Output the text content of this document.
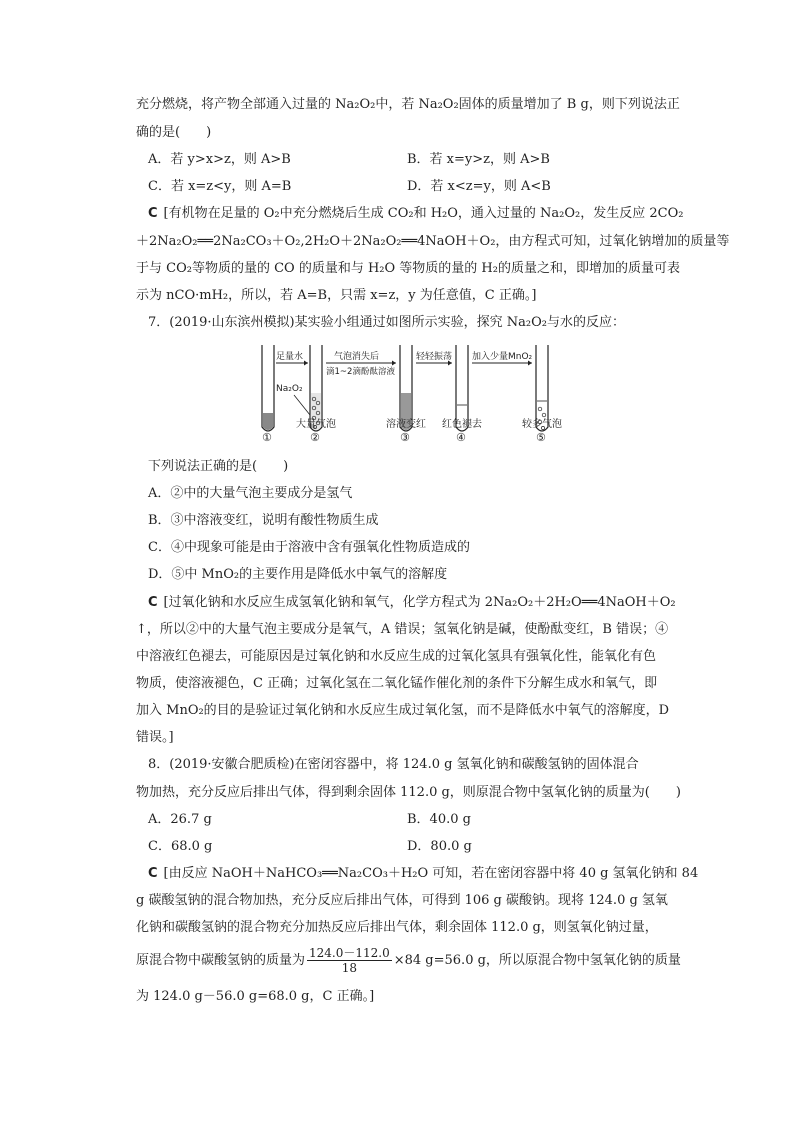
充分燃烧，将产物全部通入过量的 Na₂O₂中，若 Na₂O₂固体的质量增加了 B g，则下列说法正
确的是(　　)
A．若 y>x>z，则 A>B	B．若 x=y>z，则 A>B
C．若 x=z<y，则 A=B	D．若 x<z=y，则 A<B
C [有机物在足量的 O₂中充分燃烧后生成 CO₂和 H₂O，通入过量的 Na₂O₂，发生反应 2CO₂
＋2Na₂O₂══2Na₂CO₃＋O₂,2H₂O＋2Na₂O₂══4NaOH＋O₂，由方程式可知，过氧化钠增加的质量等
于与 CO₂等物质的量的 CO 的质量和与 H₂O 等物质的量的 H₂的质量之和，即增加的质量可表
示为 nCO·mH₂，所以，若 A=B，只需 x=z，y 为任意值，C 正确。]
7．(2019·山东滨州模拟)某实验小组通过如图所示实验，探究 Na₂O₂与水的反应：
足量水
Na₂O₂
气泡消失后
滴1~2滴酚酞溶液
轻轻振荡 加入少量MnO₂
大量气泡	溶液变红 红色褪去	较多气泡
①	②	③	④	⑤
下列说法正确的是(　　)
A．②中的大量气泡主要成分是氢气
B．③中溶液变红，说明有酸性物质生成
C．④中现象可能是由于溶液中含有强氧化性物质造成的
D．⑤中 MnO₂的主要作用是降低水中氧气的溶解度
C [过氧化钠和水反应生成氢氧化钠和氧气，化学方程式为 2Na₂O₂＋2H₂O══4NaOH＋O₂
↑，所以②中的大量气泡主要成分是氧气，A 错误；氢氧化钠是碱，使酚酞变红，B 错误；④
中溶液红色褪去，可能原因是过氧化钠和水反应生成的过氧化氢具有强氧化性，能氧化有色
物质，使溶液褪色，C 正确；过氧化氢在二氧化锰作催化剂的条件下分解生成水和氧气，即
加入 MnO₂的目的是验证过氧化钠和水反应生成过氧化氢，而不是降低水中氧气的溶解度，D
错误。]
8．(2019·安徽合肥质检)在密闭容器中，将 124.0 g 氢氧化钠和碳酸氢钠的固体混合
物加热，充分反应后排出气体，得到剩余固体 112.0 g，则原混合物中氢氧化钠的质量为(　　)
A．26.7 g	B．40.0 g
C．68.0 g	D．80.0 g
C [由反应 NaOH＋NaHCO₃══Na₂CO₃＋H₂O 可知，若在密闭容器中将 40 g 氢氧化钠和 84
g 碳酸氢钠的混合物加热，充分反应后排出气体，可得到 106 g 碳酸钠。现将 124.0 g 氢氧
化钠和碳酸氢钠的混合物充分加热反应后排出气体，剩余固体 112.0 g，则氢氧化钠过量，
原混合物中碳酸氢钠的质量为 $\frac{124.0-112.0}{18} \times 84$ g=56.0 g，所以原混合物中氢氧化钠的质量
为 124.0 g－56.0 g=68.0 g，C 正确。]
